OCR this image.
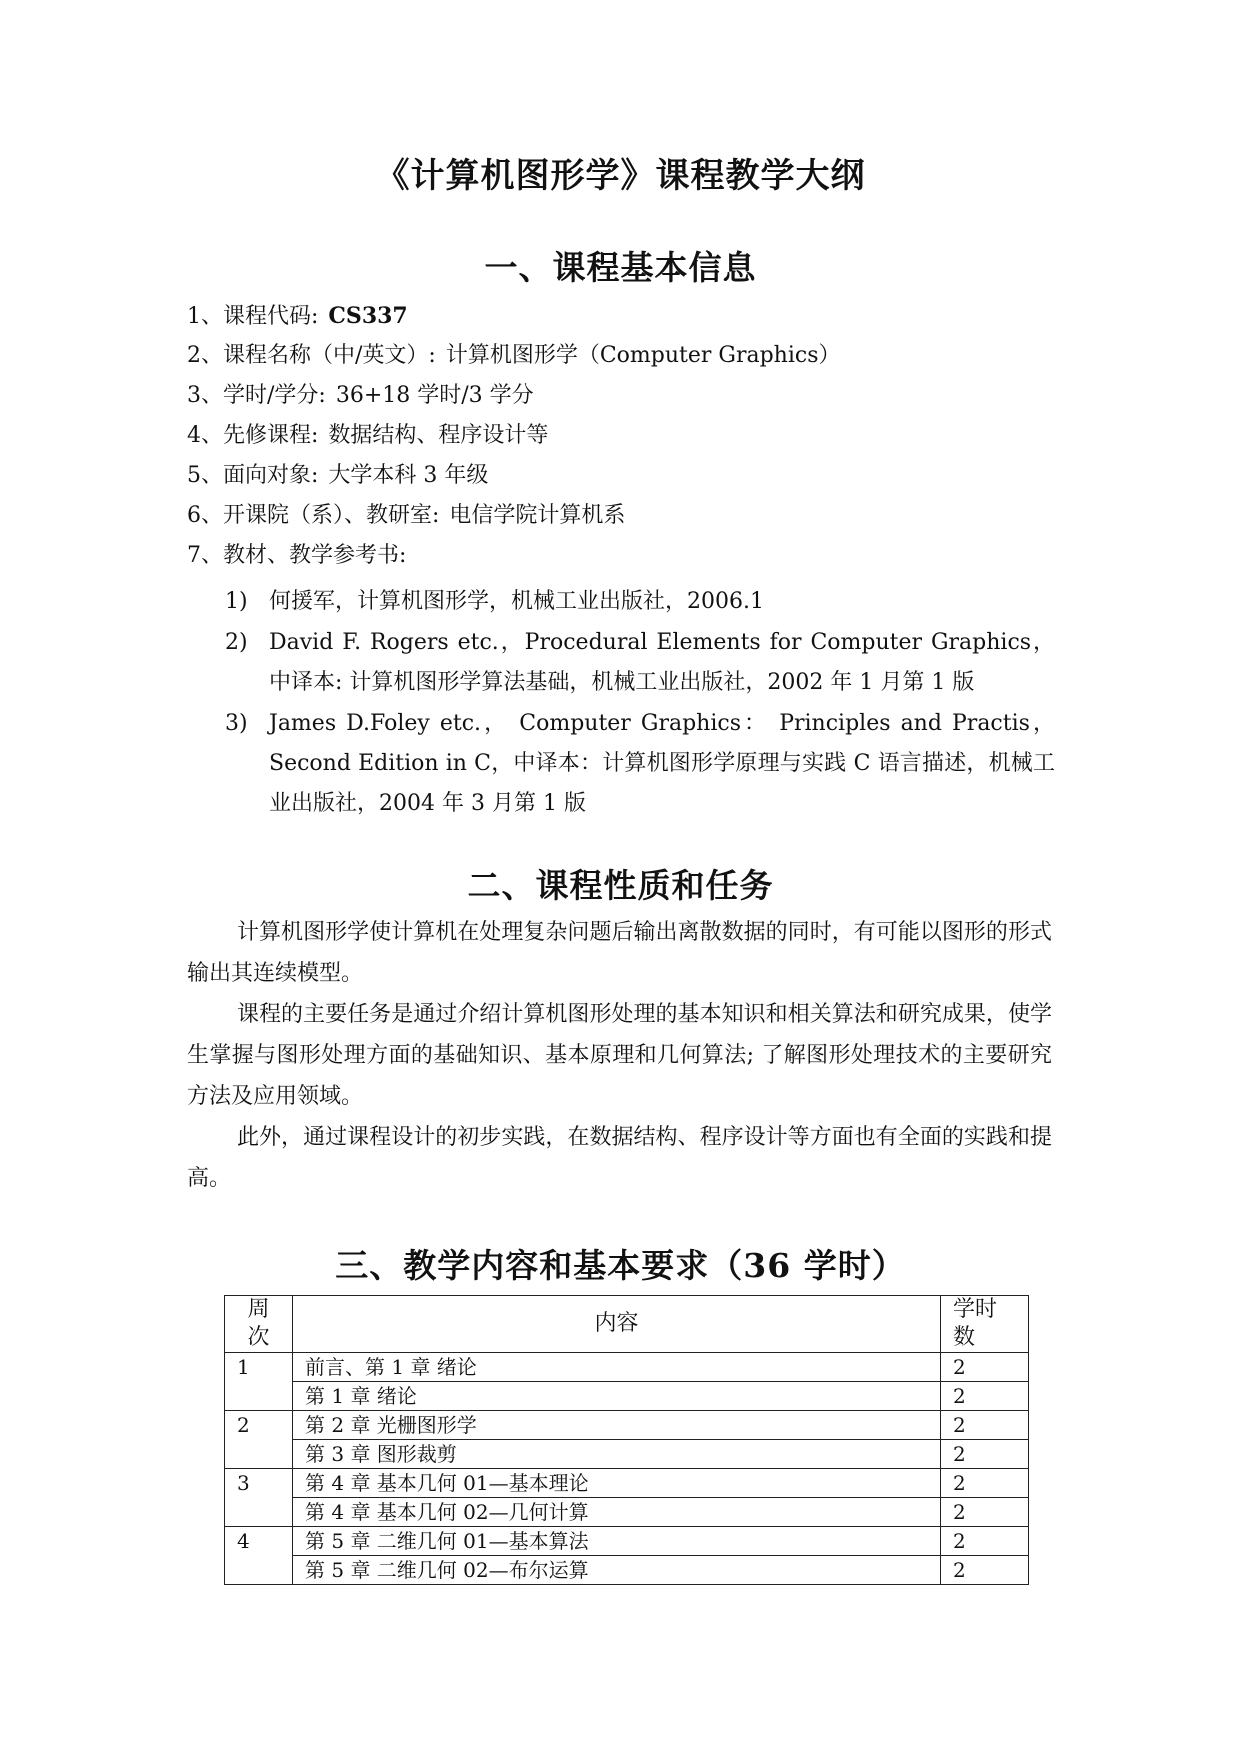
《计算机图形学》课程教学大纲
一、课程基本信息
1、课程代码: CS337
2、课程名称（中/英文）: 计算机图形学（Computer Graphics）
3、学时/学分: 36+18 学时/3 学分
4、先修课程: 数据结构、程序设计等
5、面向对象: 大学本科 3 年级
6、开课院（系）、教研室: 电信学院计算机系
7、教材、教学参考书:
1) 何援军，计算机图形学，机械工业出版社，2006.1
2) David F. Rogers etc.，Procedural Elements for Computer Graphics，中译本: 计算机图形学算法基础，机械工业出版社，2002 年 1 月第 1 版
3) James D.Foley etc.， Computer Graphics： Principles and Practis， Second Edition in C，中译本：计算机图形学原理与实践 C 语言描述，机械工业出版社，2004 年 3 月第 1 版
二、课程性质和任务

计算机图形学使计算机在处理复杂问题后输出离散数据的同时，有可能以图形的形式输出其连续模型。

课程的主要任务是通过介绍计算机图形处理的基本知识和相关算法和研究成果，使学生掌握与图形处理方面的基础知识、基本原理和几何算法; 了解图形处理技术的主要研究方法及应用领域。

此外，通过课程设计的初步实践，在数据结构、程序设计等方面也有全面的实践和提高。

三、教学内容和基本要求（36 学时）
周次	内容	学时数
1	前言、第 1 章 绪论	2
	第 1 章 绪论	2
2	第 2 章 光栅图形学	2
	第 3 章 图形裁剪	2
3	第 4 章 基本几何 01—基本理论	2
	第 4 章 基本几何 02—几何计算	2
4	第 5 章 二维几何 01—基本算法	2
	第 5 章 二维几何 02—布尔运算	2
